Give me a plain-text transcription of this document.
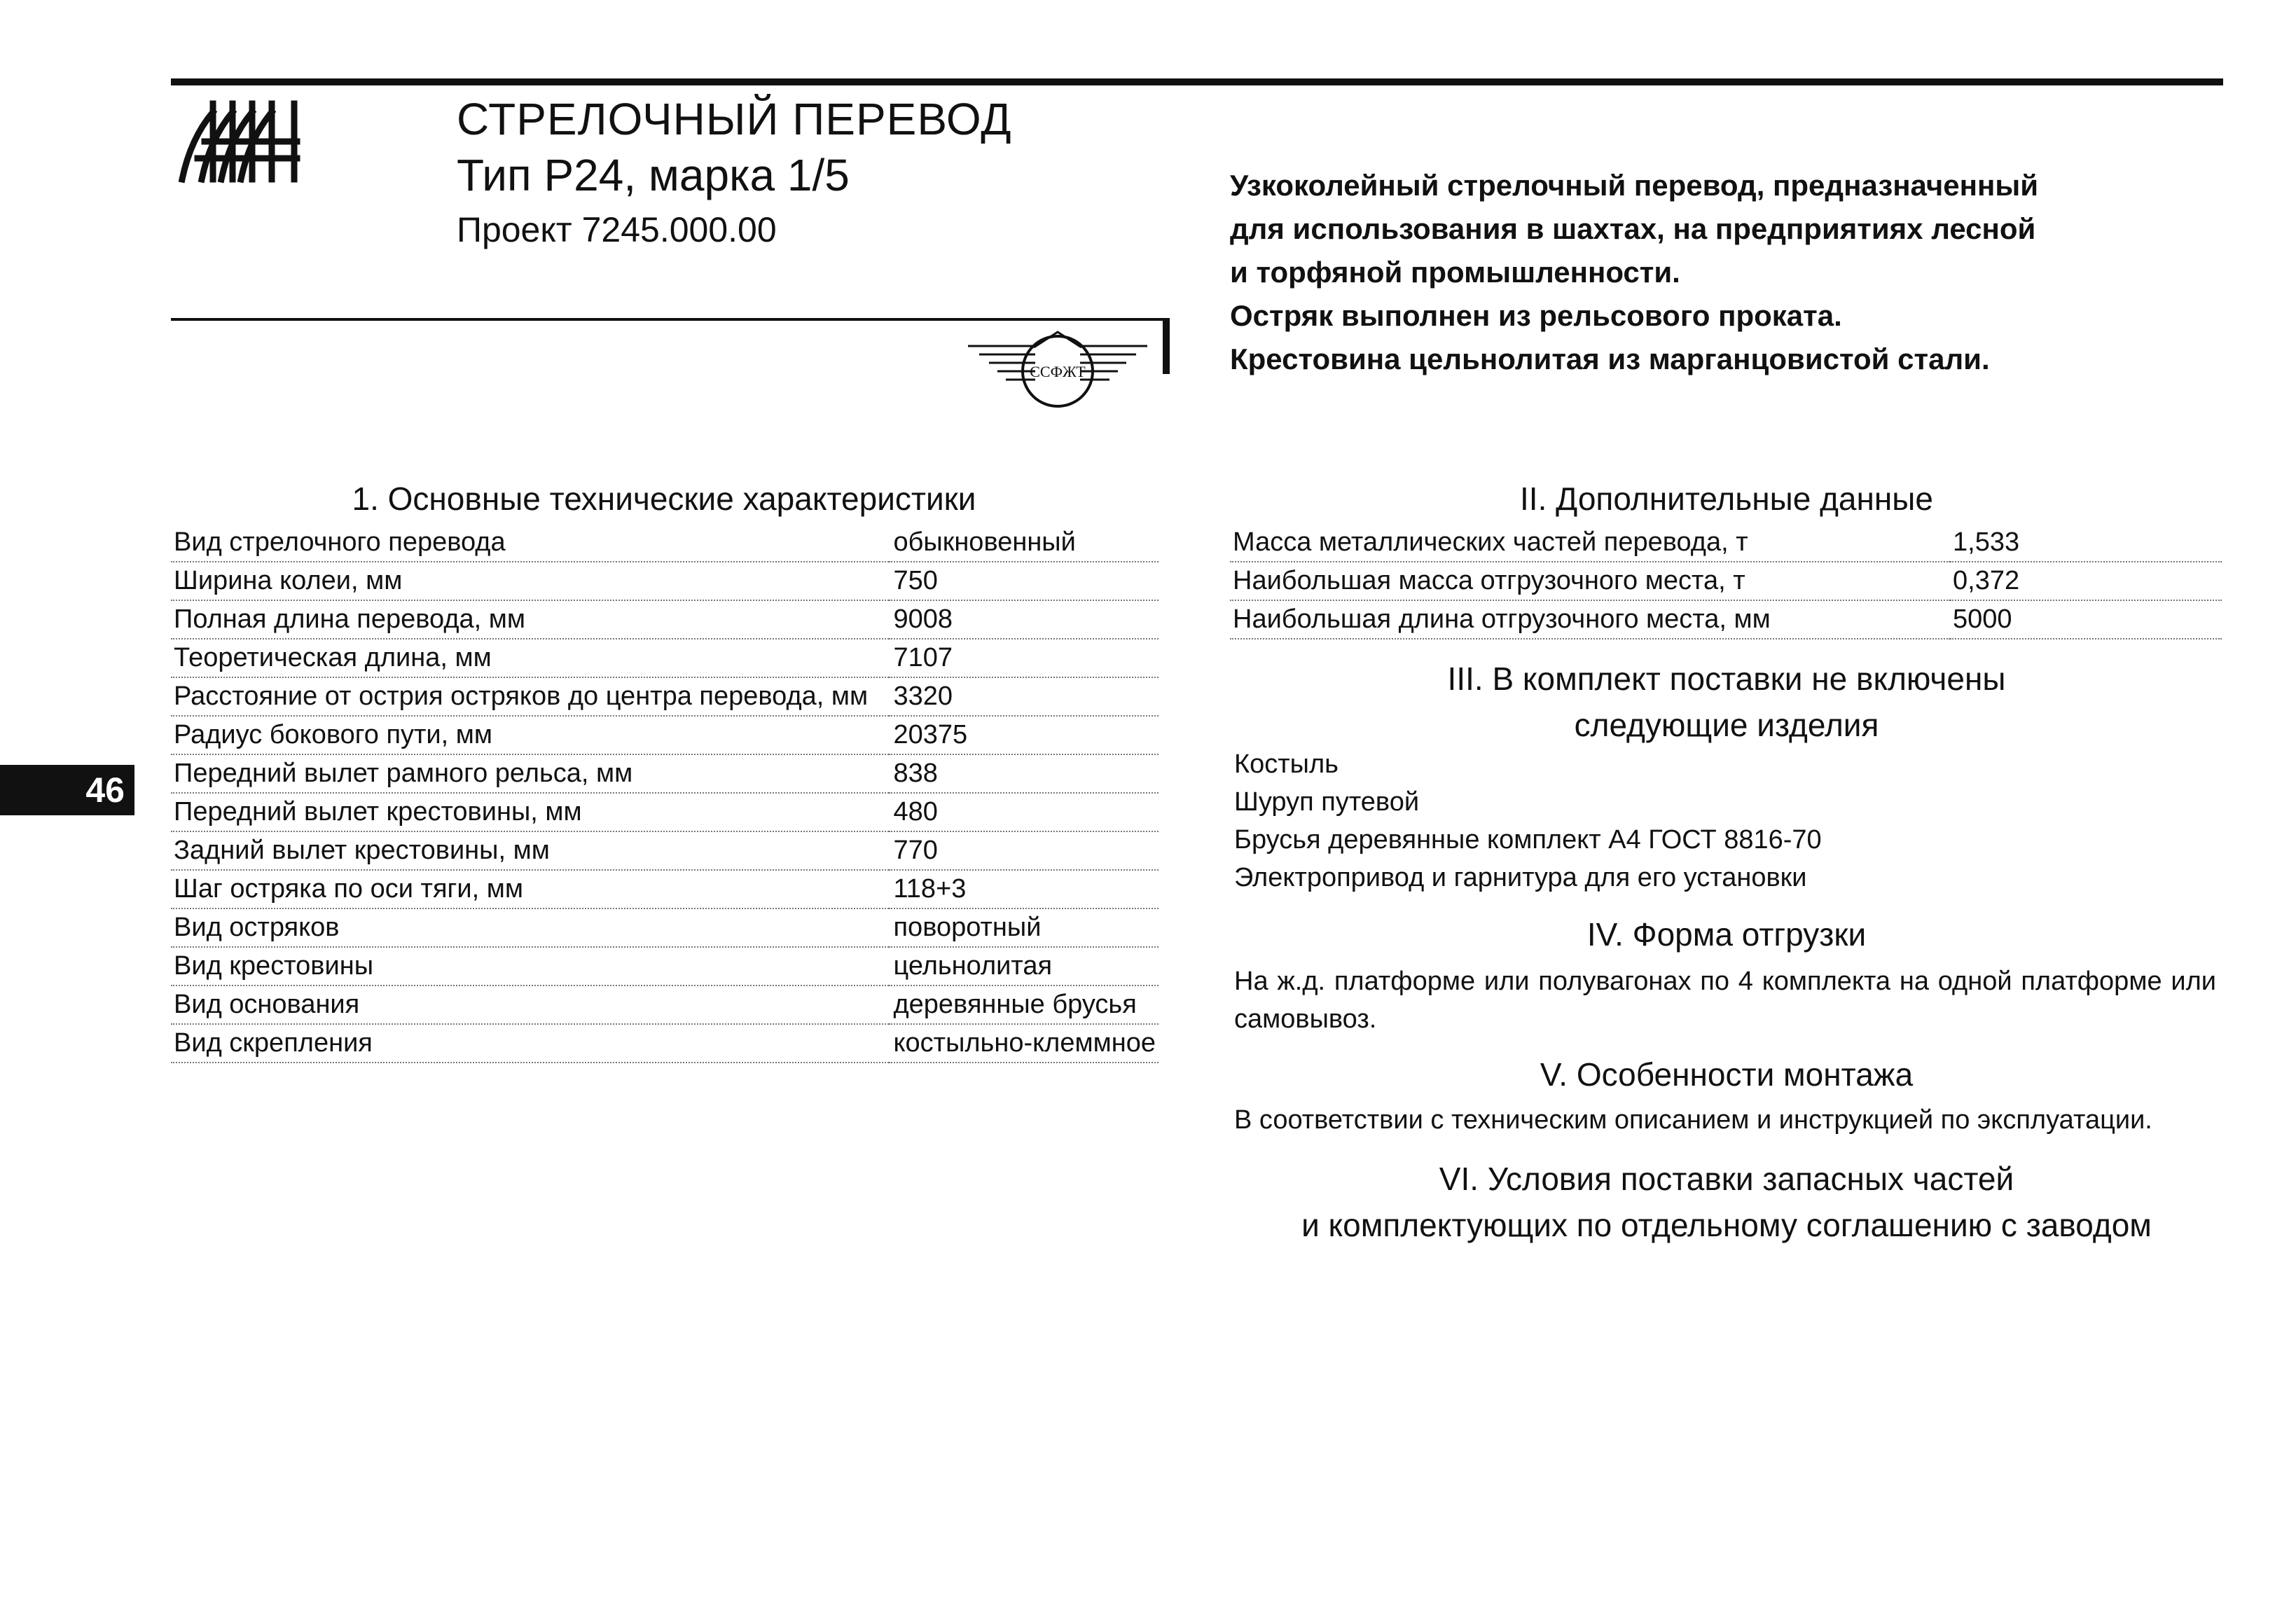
СТРЕЛОЧНЫЙ ПЕРЕВОД
Тип Р24, марка 1/5
Проект 7245.000.00
ССФЖТ
Узкоколейный стрелочный перевод, предназначенный
для использования в шахтах, на предприятиях лесной
и торфяной промышленности.
Остряк выполнен из рельсового проката.
Крестовина цельнолитая из марганцовистой стали.
46
1. Основные технические характеристики
Вид стрелочного перевода	обыкновенный
Ширина колеи, мм	750
Полная длина перевода, мм	9008
Теоретическая длина, мм	7107
Расстояние от острия остряков до центра перевода, мм	3320
Радиус бокового пути, мм	20375
Передний вылет рамного рельса, мм	838
Передний вылет крестовины, мм	480
Задний вылет крестовины, мм	770
Шаг остряка по оси тяги, мм	118+3
Вид остряков	поворотный
Вид крестовины	цельнолитая
Вид основания	деревянные брусья
Вид скрепления	костыльно-клеммное
II. Дополнительные данные
Масса металлических частей перевода, т	1,533
Наибольшая масса отгрузочного места, т	0,372
Наибольшая длина отгрузочного места, мм	5000
III. В комплект поставки не включены
следующие изделия
Костыль
Шуруп путевой
Брусья деревянные комплект А4 ГОСТ 8816-70
Электропривод и гарнитура для его установки
IV. Форма отгрузки
На ж.д. платформе или полувагонах по 4 комплекта на одной платформе или самовывоз.
V. Особенности монтажа
В соответствии с техническим описанием и инструкцией по эксплуатации.
VI. Условия поставки запасных частей
и комплектующих по отдельному соглашению с заводом
